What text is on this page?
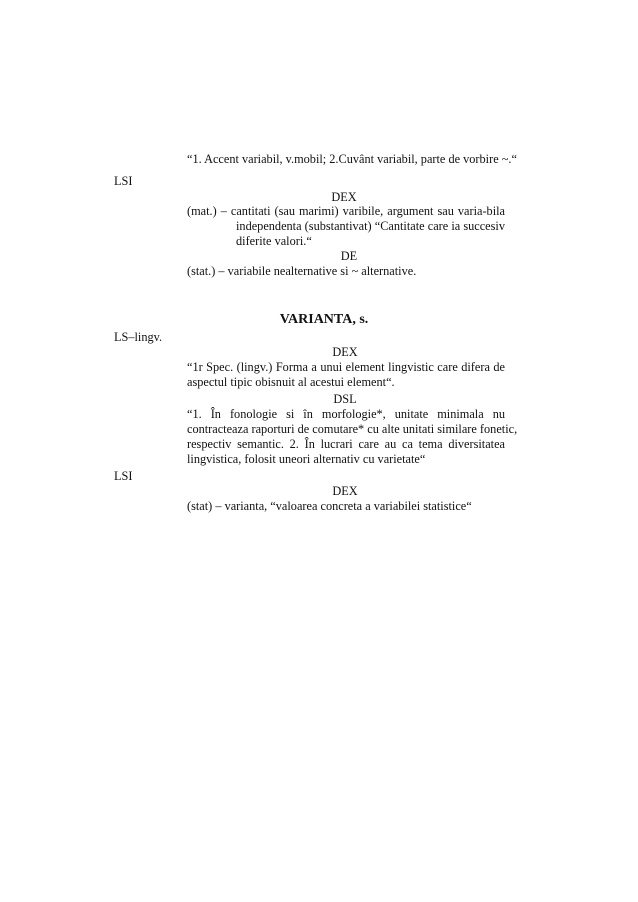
“1. Accent variabil, v.mobil; 2.Cuvânt variabil, parte de vorbire ~.“
LSI
DEX
(mat.) – cantitati (sau marimi) varibile, argument sau varia-bila
independenta (substantivat) “Cantitate care ia succesiv
diferite valori.“
DE
(stat.) – variabile nealternative si ~ alternative.
VARIANTA, s.
LS–lingv.
DEX
“1r Spec. (lingv.) Forma a unui element lingvistic care difera de
aspectul tipic obisnuit al acestui element“.
DSL
“1. În fonologie si în morfologie*, unitate minimala nu
contracteaza raporturi de comutare* cu alte unitati similare fonetic,
respectiv semantic. 2. În lucrari care au ca tema diversitatea
lingvistica, folosit uneori alternativ cu varietate“
LSI
DEX
(stat) – varianta, “valoarea concreta a variabilei statistice“
